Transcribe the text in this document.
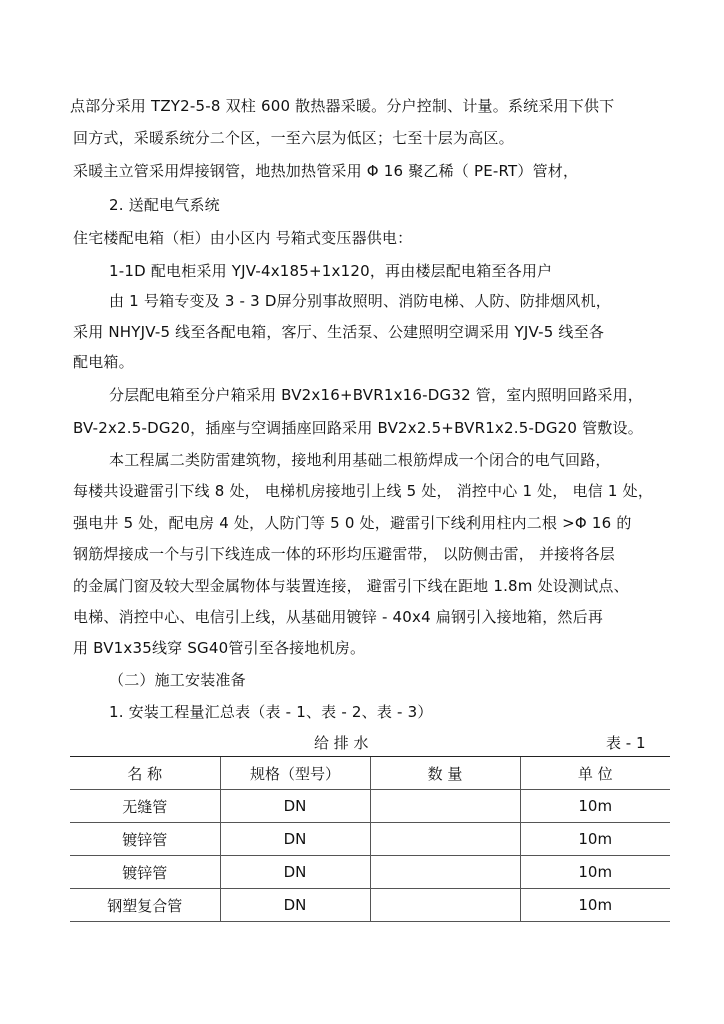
点部分采用 TZY2-5-8 双柱 600 散热器采暖。分户控制、计量。系统采用下供下
回方式，采暖系统分二个区，一至六层为低区；七至十层为高区。
采暖主立管采用焊接钢管，地热加热管采用 Φ 16 聚乙稀（ PE-RT）管材，
2. 送配电气系统
住宅楼配电箱（柜）由小区内 号箱式变压器供电：
1-1D 配电柜采用 YJV-4x185+1x120，再由楼层配电箱至各用户
由 1 号箱专变及 3 - 3 D屏分别事故照明、消防电梯、人防、防排烟风机，
采用 NHYJV-5 线至各配电箱，客厅、生活泵、公建照明空调采用 YJV-5 线至各
配电箱。
分层配电箱至分户箱采用 BV2x16+BVR1x16-DG32 管，室内照明回路采用，
BV-2x2.5-DG20，插座与空调插座回路采用 BV2x2.5+BVR1x2.5-DG20 管敷设。
本工程属二类防雷建筑物，接地利用基础二根筋焊成一个闭合的电气回路，
每楼共设避雷引下线 8 处， 电梯机房接地引上线 5 处， 消控中心 1 处， 电信 1 处，
强电井 5 处，配电房 4 处，人防门等 5 0 处，避雷引下线利用柱内二根 >Φ 16 的
钢筋焊接成一个与引下线连成一体的环形均压避雷带， 以防侧击雷， 并接将各层
的金属门窗及较大型金属物体与装置连接， 避雷引下线在距地 1.8m 处设测试点、
电梯、消控中心、电信引上线，从基础用镀锌 - 40x4 扁钢引入接地箱，然后再
用 BV1x35线穿 SG40管引至各接地机房。
（二）施工安装准备
1. 安装工程量汇总表（表 - 1、表 - 2、表 - 3）
给 排 水	表 - 1
名 称	规格（型号）	数 量	单 位
无缝管	DN		10m
镀锌管	DN		10m
镀锌管	DN		10m
钢塑复合管	DN		10m
